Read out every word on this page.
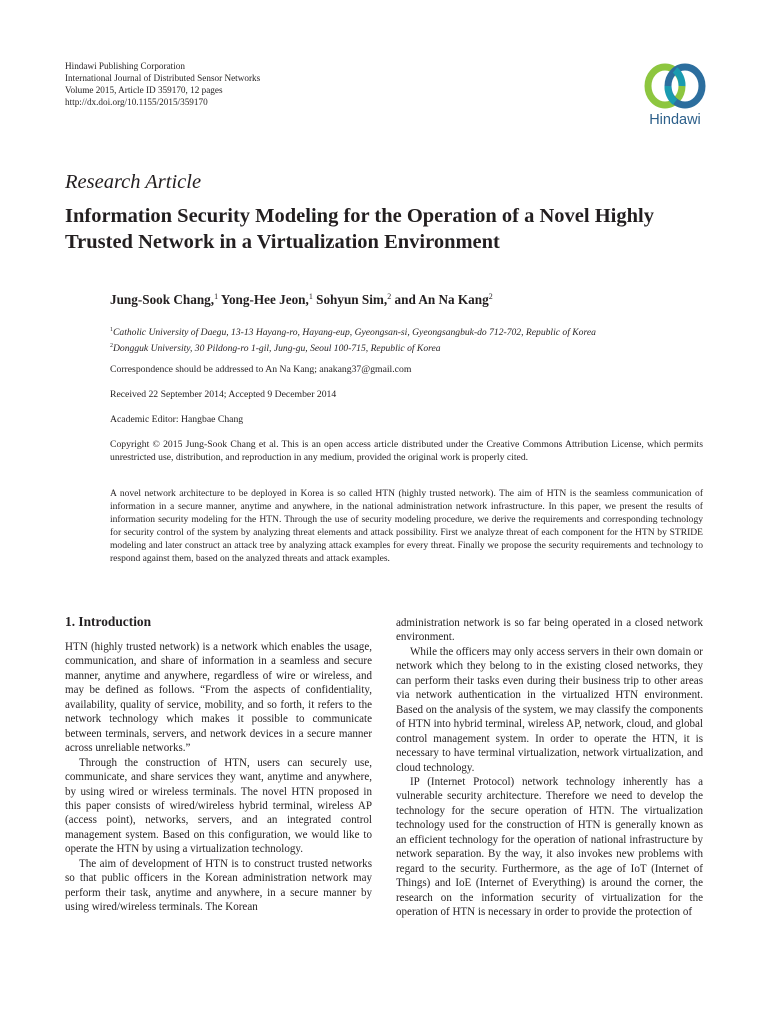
Hindawi Publishing Corporation
International Journal of Distributed Sensor Networks
Volume 2015, Article ID 359170, 12 pages
http://dx.doi.org/10.1155/2015/359170
Hindawi
Research Article
Information Security Modeling for the Operation of a Novel Highly Trusted Network in a Virtualization Environment
Jung-Sook Chang,$^1$ Yong-Hee Jeon,$^1$ Sohyun Sim,$^2$ and An Na Kang$^2$
$^1$Catholic University of Daegu, 13-13 Hayang-ro, Hayang-eup, Gyeongsan-si, Gyeongsangbuk-do 712-702, Republic of Korea
$^2$Dongguk University, 30 Pildong-ro 1-gil, Jung-gu, Seoul 100-715, Republic of Korea
Correspondence should be addressed to An Na Kang; anakang37@gmail.com
Received 22 September 2014; Accepted 9 December 2014
Academic Editor: Hangbae Chang
Copyright © 2015 Jung-Sook Chang et al. This is an open access article distributed under the Creative Commons Attribution License, which permits unrestricted use, distribution, and reproduction in any medium, provided the original work is properly cited.
A novel network architecture to be deployed in Korea is so called HTN (highly trusted network). The aim of HTN is the seamless communication of information in a secure manner, anytime and anywhere, in the national administration network infrastructure. In this paper, we present the results of information security modeling for the HTN. Through the use of security modeling procedure, we derive the requirements and corresponding technology for security control of the system by analyzing threat elements and attack possibility. First we analyze threat of each component for the HTN by STRIDE modeling and later construct an attack tree by analyzing attack examples for every threat. Finally we propose the security requirements and technology to respond against them, based on the analyzed threats and attack examples.
1. Introduction

HTN (highly trusted network) is a network which enables the usage, communication, and share of information in a seamless and secure manner, anytime and anywhere, regardless of wire or wireless, and may be defined as follows. “From the aspects of confidentiality, availability, quality of service, mobility, and so forth, it refers to the network technology which makes it possible to communicate between terminals, servers, and network devices in a secure manner across unreliable networks.”

Through the construction of HTN, users can securely use, communicate, and share services they want, anytime and anywhere, by using wired or wireless terminals. The novel HTN proposed in this paper consists of wired/wireless hybrid terminal, wireless AP (access point), networks, servers, and an integrated control management system. Based on this configuration, we would like to operate the HTN by using a virtualization technology.

The aim of development of HTN is to construct trusted networks so that public officers in the Korean administration network may perform their task, anytime and anywhere, in a secure manner by using wired/wireless terminals. The Korean

administration network is so far being operated in a closed network environment.

While the officers may only access servers in their own domain or network which they belong to in the existing closed networks, they can perform their tasks even during their business trip to other areas via network authentication in the virtualized HTN environment. Based on the analysis of the system, we may classify the components of HTN into hybrid terminal, wireless AP, network, cloud, and global control management system. In order to operate the HTN, it is necessary to have terminal virtualization, network virtualization, and cloud technology.

IP (Internet Protocol) network technology inherently has a vulnerable security architecture. Therefore we need to develop the technology for the secure operation of HTN. The virtualization technology used for the construction of HTN is generally known as an efficient technology for the operation of national infrastructure by network separation. By the way, it also invokes new problems with regard to the security. Furthermore, as the age of IoT (Internet of Things) and IoE (Internet of Everything) is around the corner, the research on the information security of virtualization for the operation of HTN is necessary in order to provide the protection of
